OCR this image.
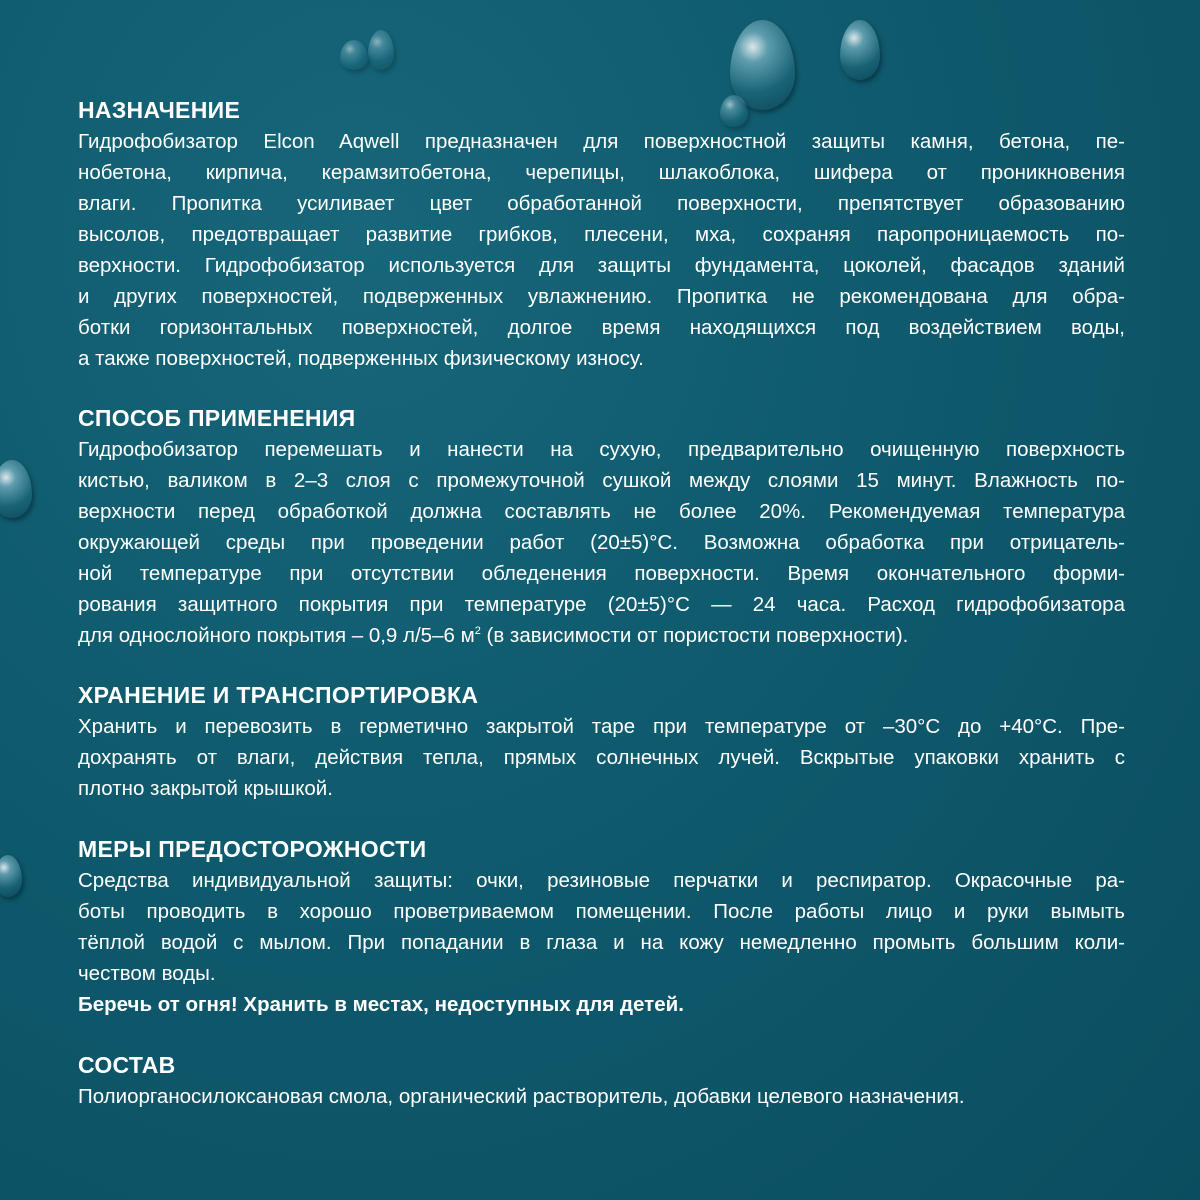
НАЗНАЧЕНИЕ
Гидрофобизатор Elcon Aqwell предназначен для поверхностной защиты камня, бетона, пе-
нобетона, кирпича, керамзитобетона, черепицы, шлакоблока, шифера от проникновения
влаги. Пропитка усиливает цвет обработанной поверхности, препятствует образованию
высолов, предотвращает развитие грибков, плесени, мха, сохраняя паропроницаемость по-
верхности. Гидрофобизатор используется для защиты фундамента, цоколей, фасадов зданий
и других поверхностей, подверженных увлажнению. Пропитка не рекомендована для обра-
ботки горизонтальных поверхностей, долгое время находящихся под воздействием воды,
а также поверхностей, подверженных физическому износу.
СПОСОБ ПРИМЕНЕНИЯ
Гидрофобизатор перемешать и нанести на сухую, предварительно очищенную поверхность
кистью, валиком в 2–3 слоя с промежуточной сушкой между слоями 15 минут. Влажность по-
верхности перед обработкой должна составлять не более 20%. Рекомендуемая температура
окружающей среды при проведении работ (20±5)°С. Возможна обработка при отрицатель-
ной температуре при отсутствии обледенения поверхности. Время окончательного форми-
рования защитного покрытия при температуре (20±5)°С — 24 часа. Расход гидрофобизатора
для однослойного покрытия – 0,9 л/5–6 $м^2$ (в зависимости от пористости поверхности).
ХРАНЕНИЕ И ТРАНСПОРТИРОВКА
Хранить и перевозить в герметично закрытой таре при температуре от –30°С до +40°С. Пре-
дохранять от влаги, действия тепла, прямых солнечных лучей. Вскрытые упаковки хранить с
плотно закрытой крышкой.
МЕРЫ ПРЕДОСТОРОЖНОСТИ
Средства индивидуальной защиты: очки, резиновые перчатки и респиратор. Окрасочные ра-
боты проводить в хорошо проветриваемом помещении. После работы лицо и руки вымыть
тёплой водой с мылом. При попадании в глаза и на кожу немедленно промыть большим коли-
чеством воды.
Беречь от огня! Хранить в местах, недоступных для детей.
СОСТАВ
Полиорганосилоксановая смола, органический растворитель, добавки целевого назначения.
